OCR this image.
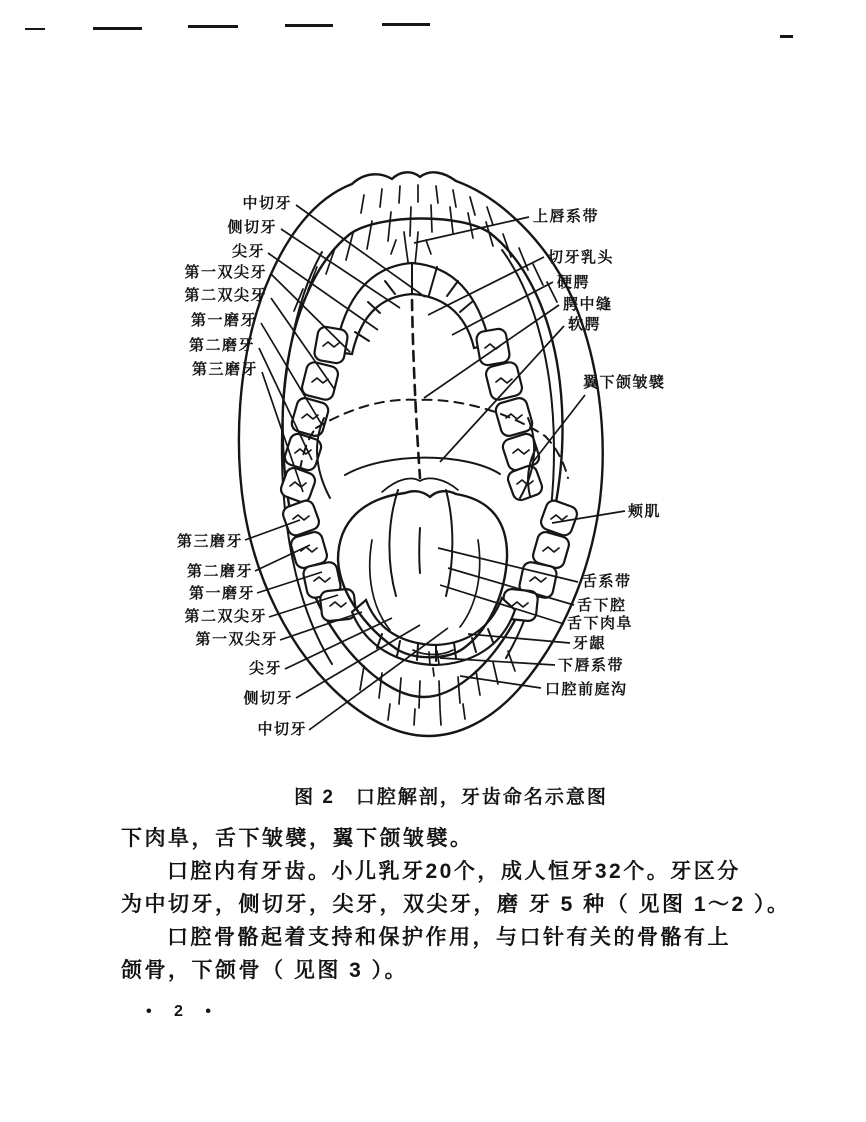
中切牙
侧切牙
尖牙
第一双尖牙
第二双尖牙
第一磨牙
第二磨牙
第三磨牙
上唇系带
切牙乳头
硬腭
腭中缝
软腭
翼下颌皱襞
第三磨牙
第二磨牙
第一磨牙
第二双尖牙
第一双尖牙
尖牙
侧切牙
中切牙
颊肌
舌系带
舌下腔
舌下肉阜
牙龈
下唇系带
口腔前庭沟
图 2　口腔解剖，牙齿命名示意图
下肉阜，舌下皱襞，翼下颌皱襞。
口腔内有牙齿。小儿乳牙20个，成人恒牙32个。牙区分
为中切牙，侧切牙，尖牙，双尖牙，磨 牙 5 种（ 见图 1～2 ）。
口腔骨骼起着支持和保护作用，与口针有关的骨骼有上
颌骨，下颌骨（ 见图 3 ）。
• 2 •
